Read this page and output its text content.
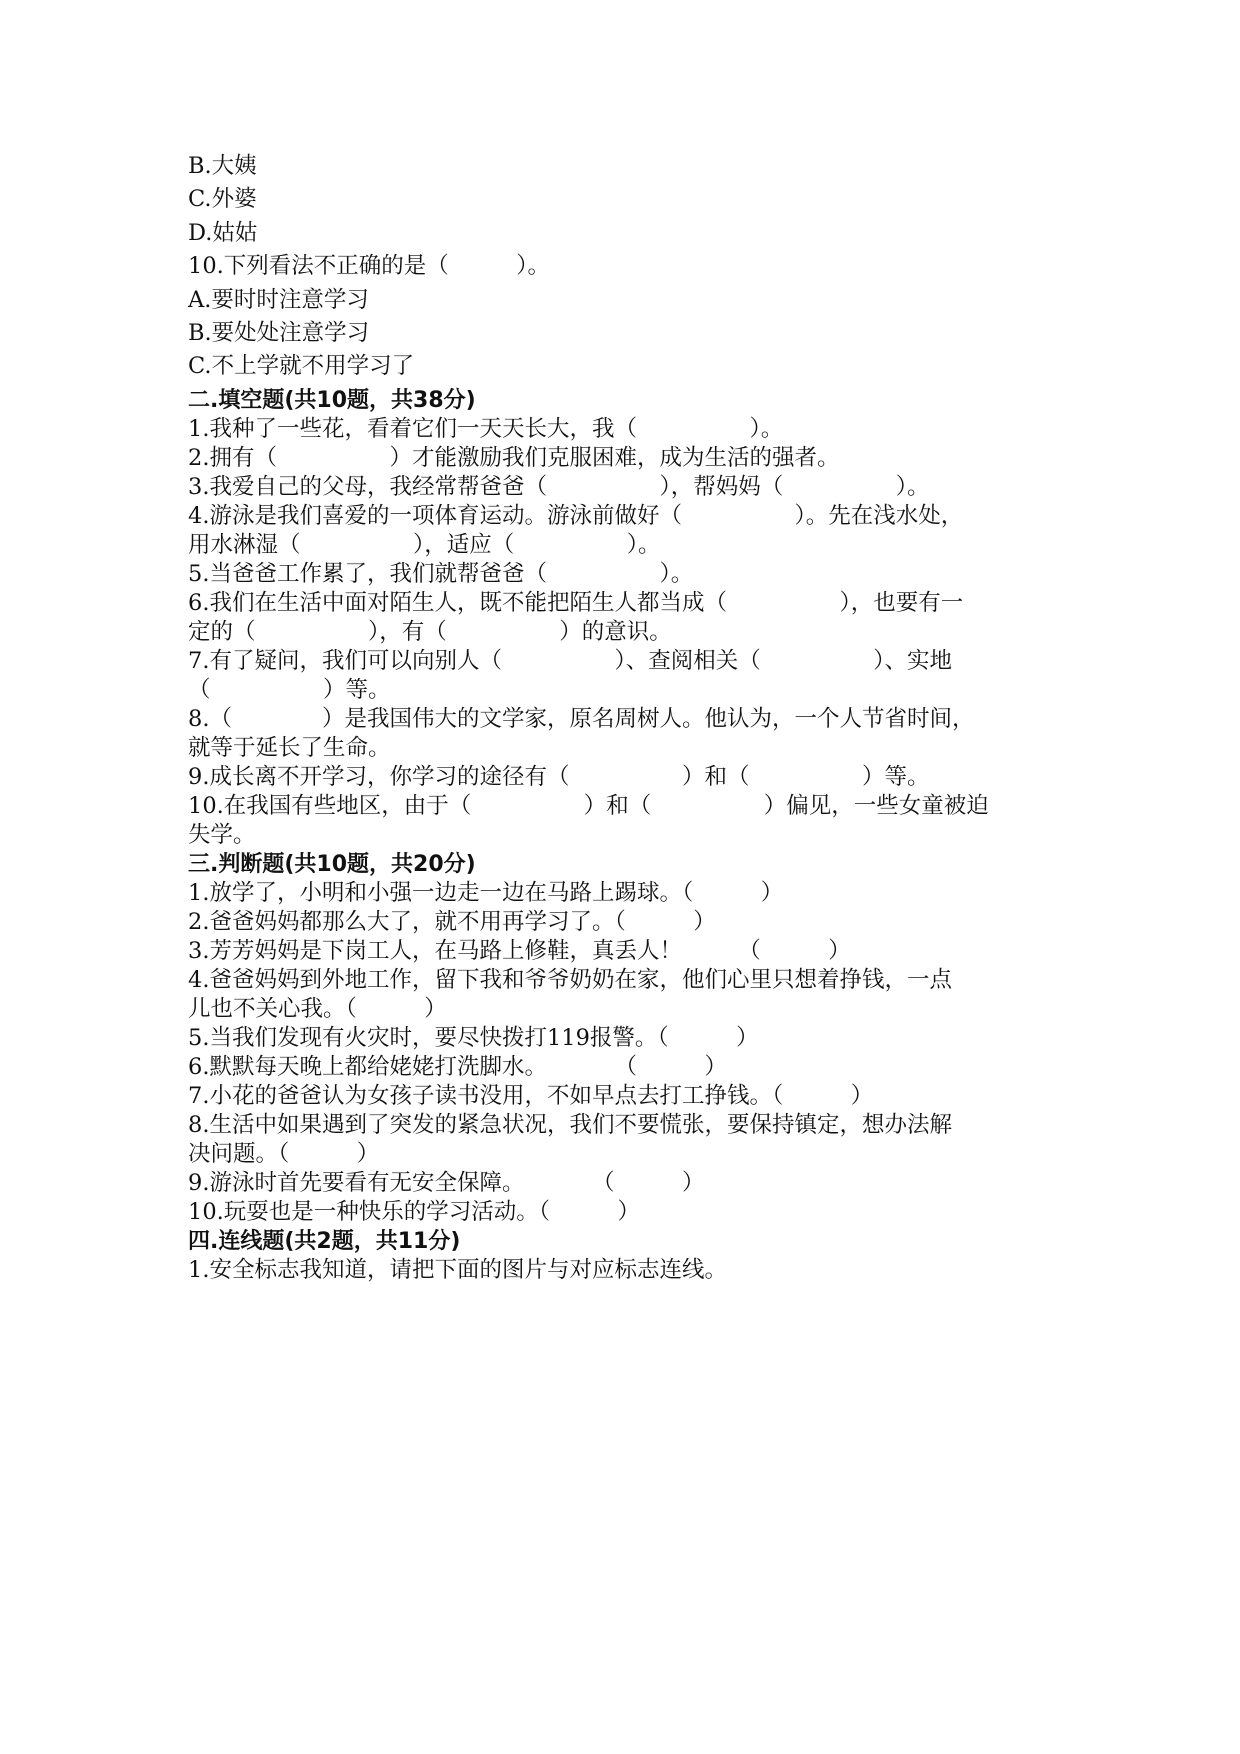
B.大姨

C.外婆

D.姑姑

10.下列看法不正确的是（　　　）。

A.要时时注意学习

B.要处处注意学习

C.不上学就不用学习了

二.填空题(共10题，共38分)

1.我种了一些花，看着它们一天天长大，我（　　　　　）。

2.拥有（　　　　　）才能激励我们克服困难，成为生活的强者。

3.我爱自己的父母，我经常帮爸爸（　　　　　），帮妈妈（　　　　　）。

4.游泳是我们喜爱的一项体育运动。游泳前做好（　　　　　）。先在浅水处，

用水淋湿（　　　　　），适应（　　　　　）。

5.当爸爸工作累了，我们就帮爸爸（　　　　　）。

6.我们在生活中面对陌生人，既不能把陌生人都当成（　　　　　），也要有一

定的（　　　　　），有（　　　　　）的意识。

7.有了疑问，我们可以向别人（　　　　　）、查阅相关（　　　　　）、实地

（　　　　　）等。

8.（　　　　）是我国伟大的文学家，原名周树人。他认为，一个人节省时间，

就等于延长了生命。

9.成长离不开学习，你学习的途径有（　　　　　）和（　　　　　）等。

10.在我国有些地区，由于（　　　　　）和（　　　　　）偏见，一些女童被迫

失学。

三.判断题(共10题，共20分)

1.放学了，小明和小强一边走一边在马路上踢球。（　　　）

2.爸爸妈妈都那么大了，就不用再学习了。（　　　）

3.芳芳妈妈是下岗工人，在马路上修鞋，真丢人！　　　（　　　）

4.爸爸妈妈到外地工作，留下我和爷爷奶奶在家，他们心里只想着挣钱，一点

儿也不关心我。（　　　）

5.当我们发现有火灾时，要尽快拨打119报警。（　　　）

6.默默每天晚上都给姥姥打洗脚水。　　　　（　　　）

7.小花的爸爸认为女孩子读书没用，不如早点去打工挣钱。（　　　）

8.生活中如果遇到了突发的紧急状况，我们不要慌张，要保持镇定，想办法解

决问题。（　　　）

9.游泳时首先要看有无安全保障。　　　　（　　　）

10.玩耍也是一种快乐的学习活动。（　　　）

四.连线题(共2题，共11分)

1.安全标志我知道，请把下面的图片与对应标志连线。
